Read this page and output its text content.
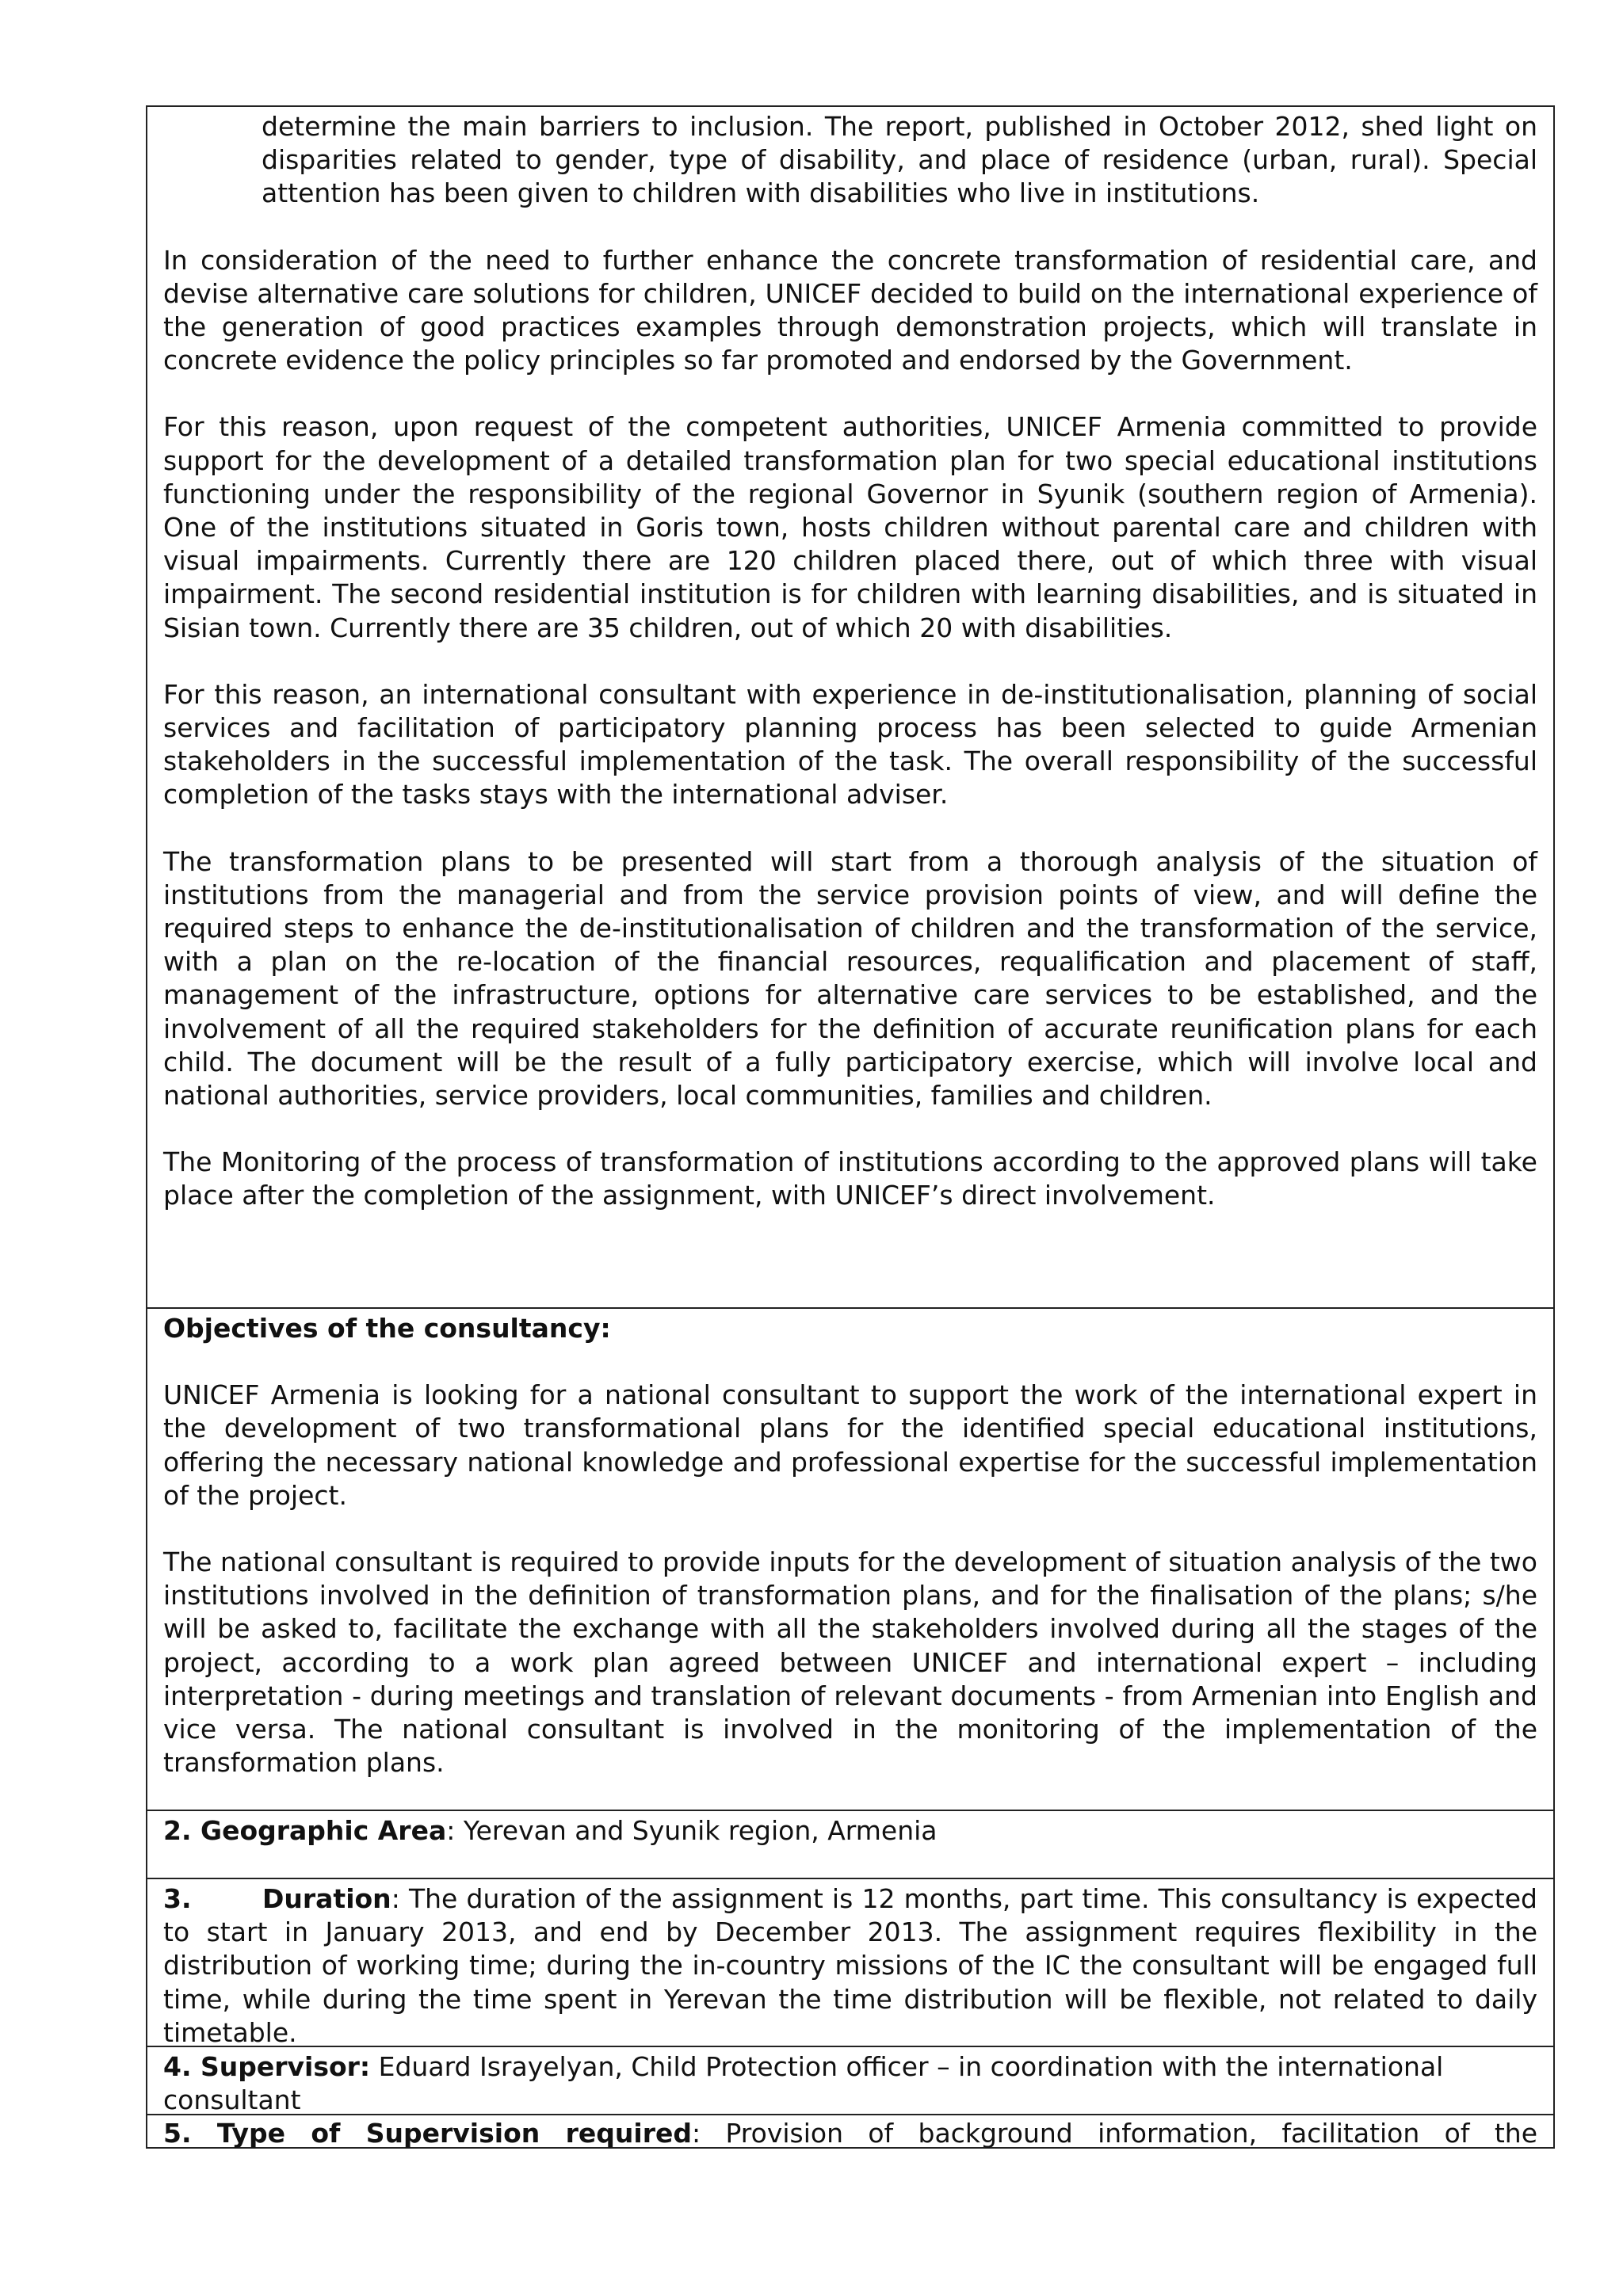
determine the main barriers to inclusion. The report, published in October 2012, shed light on disparities related to gender, type of disability, and place of residence (urban, rural). Special attention has been given to children with disabilities who live in institutions.

In consideration of the need to further enhance the concrete transformation of residential care, and devise alternative care solutions for children, UNICEF decided to build on the international experience of the generation of good practices examples through demonstration projects, which will translate in concrete evidence the policy principles so far promoted and endorsed by the Government.

For this reason, upon request of the competent authorities, UNICEF Armenia committed to provide support for the development of a detailed transformation plan for two special educational institutions functioning under the responsibility of the regional Governor in Syunik (southern region of Armenia). One of the institutions situated in Goris town, hosts children without parental care and children with visual impairments. Currently there are 120 children placed there, out of which three with visual impairment. The second residential institution is for children with learning disabilities, and is situated in Sisian town. Currently there are 35 children, out of which 20 with disabilities.

For this reason, an international consultant with experience in de-institutionalisation, planning of social services and facilitation of participatory planning process has been selected to guide Armenian stakeholders in the successful implementation of the task. The overall responsibility of the successful completion of the tasks stays with the international adviser.

The transformation plans to be presented will start from a thorough analysis of the situation of institutions from the managerial and from the service provision points of view, and will define the required steps to enhance the de-institutionalisation of children and the transformation of the service, with a plan on the re-location of the financial resources, requalification and placement of staff, management of the infrastructure, options for alternative care services to be established, and the involvement of all the required stakeholders for the definition of accurate reunification plans for each child. The document will be the result of a fully participatory exercise, which will involve local and national authorities, service providers, local communities, families and children.

The Monitoring of the process of transformation of institutions according to the approved plans will take place after the completion of the assignment, with UNICEF’s direct involvement.

Objectives of the consultancy:

UNICEF Armenia is looking for a national consultant to support the work of the international expert in the development of two transformational plans for the identified special educational institutions, offering the necessary national knowledge and professional expertise for the successful implementation of the project.

The national consultant is required to provide inputs for the development of situation analysis of the two institutions involved in the definition of transformation plans, and for the finalisation of the plans; s/he will be asked to, facilitate the exchange with all the stakeholders involved during all the stages of the project, according to a work plan agreed between UNICEF and international expert – including interpretation - during meetings and translation of relevant documents - from Armenian into English and vice versa. The national consultant is involved in the monitoring of the implementation of the transformation plans.

2. Geographic Area: Yerevan and Syunik region, Armenia

3.	Duration: The duration of the assignment is 12 months, part time. This consultancy is expected to start in January 2013, and end by December 2013. The assignment requires flexibility in the distribution of working time; during the in-country missions of the IC the consultant will be engaged full time, while during the time spent in Yerevan the time distribution will be flexible, not related to daily timetable.

4. Supervisor: Eduard Israyelyan, Child Protection officer – in coordination with the international consultant

5. Type of Supervision required: Provision of background information, facilitation of the
